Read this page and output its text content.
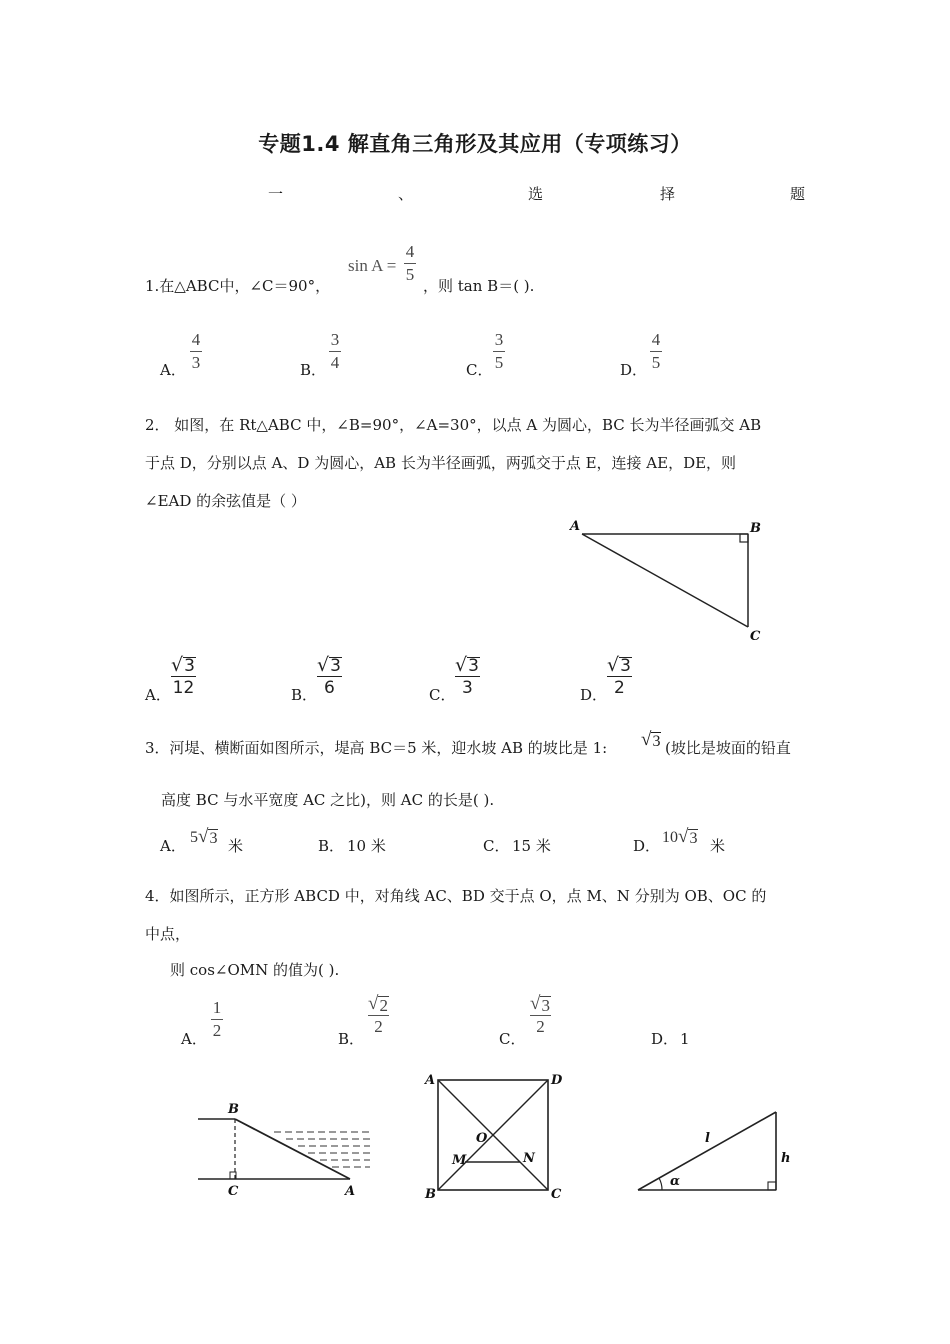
专题1.4 解直角三角形及其应用（专项练习）
一	、	选	择	题
1.在△ABC中，∠C＝90°，
sin A =
4
5
，则 tan B＝( ).
A．
4
3	B．
3
4	C．
3
5	D．
4
5
2． 如图，在 Rt△ABC 中，∠B=90°，∠A=30°，以点 A 为圆心，BC 长为半径画弧交 AB
于点 D，分别以点 A、D 为圆心，AB 长为半径画弧，两弧交于点 E，连接 AE，DE，则
∠EAD 的余弦值是（ ）
A	B
C
A．
√ 3
12	B．
√ 3
6	C．
√ 3
3	D．
√ 3
2
3．河堤、横断面如图所示，堤高 BC＝5 米，迎水坡 AB 的坡比是 1: √ 3 (坡比是坡面的铅直
高度 BC 与水平宽度 AC 之比)，则 AC 的长是( ).
A． 5 √ 3 米	B． 10 米	C． 15 米	D． 10 √ 3 米
4．如图所示，正方形 ABCD 中，对角线 AC、BD 交于点 O，点 M、N 分别为 OB、OC 的
中点，
则 cos∠OMN 的值为( ).
A．
1
2	B．
√ 2
2
C．
√ 3
2
D． 1
B
C	A
A	D
O
M	N
B	C
l
h
α
